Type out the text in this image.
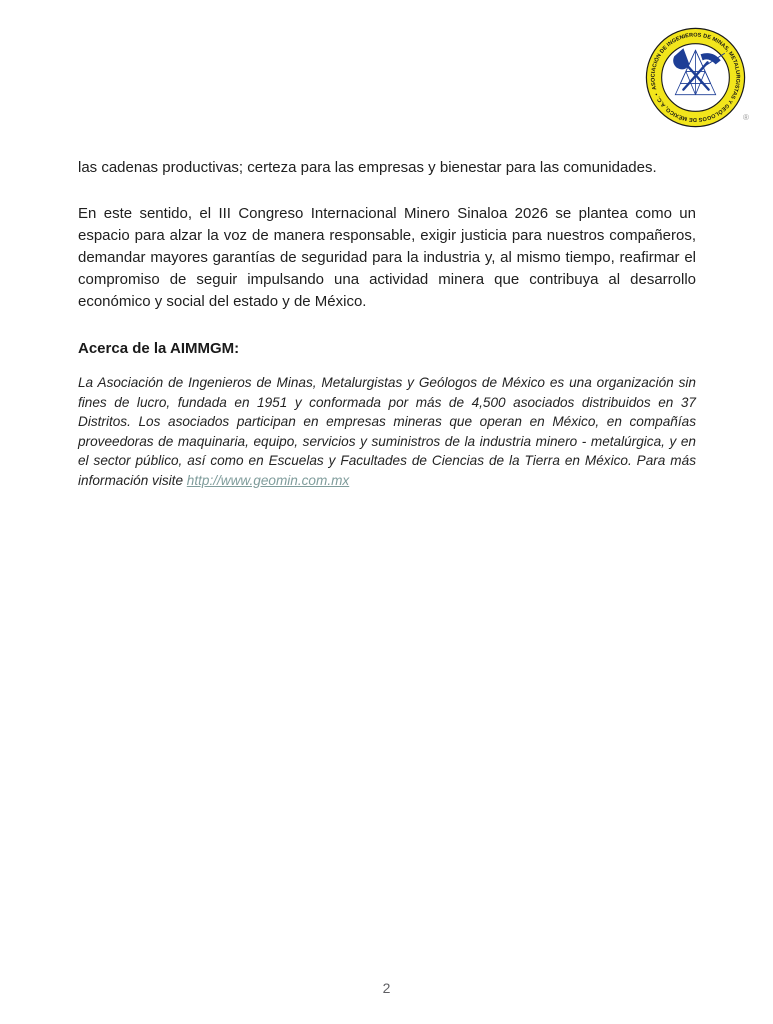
ASOCIACIÓN DE INGENIEROS DE MINAS, METALURGISTAS Y GEÓLOGOS DE MÉXICO, A.C. •
®

las cadenas productivas; certeza para las empresas y bienestar para las comunidades.

En este sentido, el III Congreso Internacional Minero Sinaloa 2026 se plantea como un espacio para alzar la voz de manera responsable, exigir justicia para nuestros compañeros, demandar mayores garantías de seguridad para la industria y, al mismo tiempo, reafirmar el compromiso de seguir impulsando una actividad minera que contribuya al desarrollo económico y social del estado y de México.

Acerca de la AIMMGM:

La Asociación de Ingenieros de Minas, Metalurgistas y Geólogos de México es una organización sin fines de lucro, fundada en 1951 y conformada por más de 4,500 asociados distribuidos en 37 Distritos. Los asociados participan en empresas mineras que operan en México, en compañías proveedoras de maquinaria, equipo, servicios y suministros de la industria minero - metalúrgica, y en el sector público, así como en Escuelas y Facultades de Ciencias de la Tierra en México. Para más información visite http://www.geomin.com.mx

2
